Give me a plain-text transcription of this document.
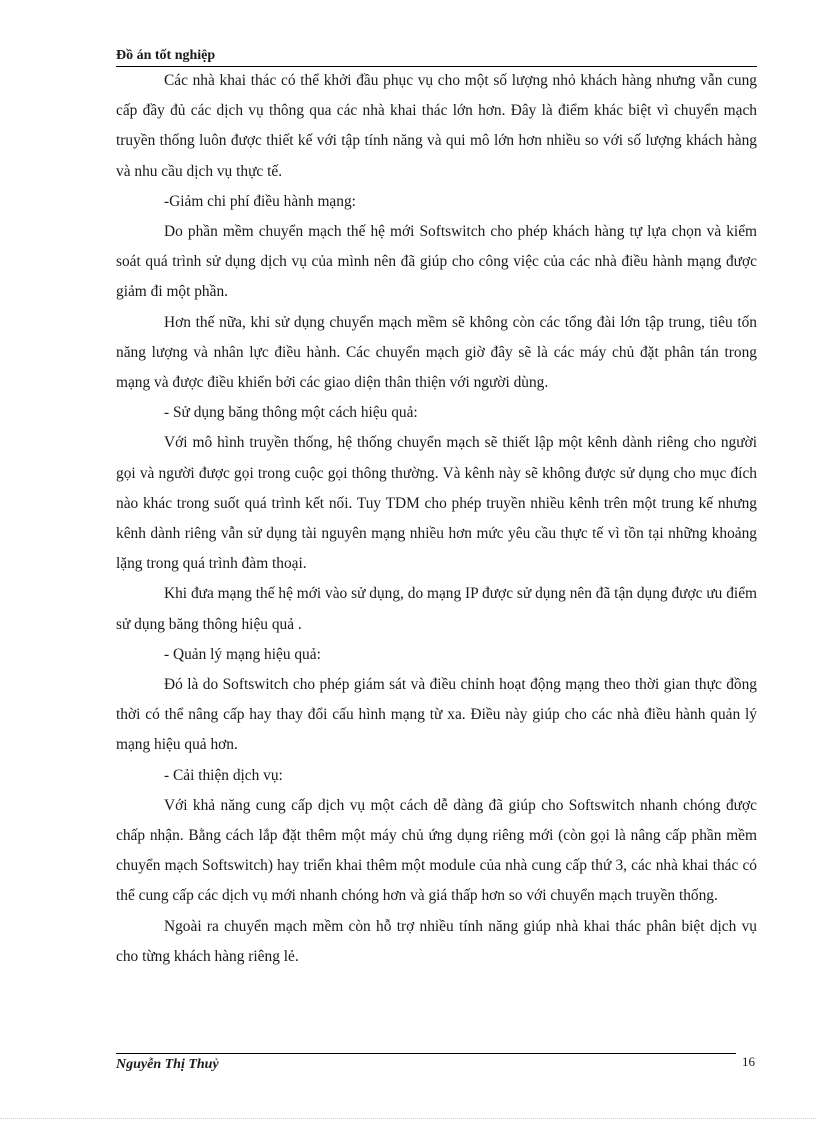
Đồ án tốt nghiệp

Các nhà khai thác có thể khởi đầu phục vụ cho một số lượng nhỏ khách hàng nhưng vẫn cung cấp đầy đủ các dịch vụ thông qua các nhà khai thác lớn hơn. Đây là điểm khác biệt vì chuyển mạch truyền thống luôn được thiết kế với tập tính năng và qui mô lớn hơn nhiều so với số lượng khách hàng và nhu cầu dịch vụ thực tế.

-Giảm chi phí điều hành mạng:

Do phần mềm chuyển mạch thế hệ mới Softswitch cho phép khách hàng tự lựa chọn và kiểm soát quá trình sử dụng dịch vụ của mình nên đã giúp cho công việc của các nhà điều hành mạng được giảm đi một phần.

Hơn thế nữa, khi sử dụng chuyển mạch mềm sẽ không còn các tổng đài lớn tập trung, tiêu tốn năng lượng và nhân lực điều hành. Các chuyển mạch giờ đây sẽ là các máy chủ đặt phân tán trong mạng và được điều khiển bởi các giao diện thân thiện với người dùng.

- Sử dụng băng thông một cách hiệu quả:

Với mô hình truyền thống, hệ thống chuyển mạch sẽ thiết lập một kênh dành riêng cho người gọi và người được gọi trong cuộc gọi thông thường. Và kênh này sẽ không được sử dụng cho mục đích nào khác trong suốt quá trình kết nối. Tuy TDM cho phép truyền nhiều kênh trên một trung kế nhưng kênh dành riêng vẫn sử dụng tài nguyên mạng nhiều hơn mức yêu cầu thực tế vì tồn tại những khoảng lặng trong quá trình đàm thoại.

Khi đưa mạng thế hệ mới vào sử dụng, do mạng IP được sử dụng nên đã tận dụng được ưu điểm sử dụng băng thông hiệu quả .

- Quản lý mạng hiệu quả:

Đó là do Softswitch cho phép giám sát và điều chỉnh hoạt động mạng theo thời gian thực đồng thời có thể nâng cấp hay thay đổi cấu hình mạng từ xa. Điều này giúp cho các nhà điều hành quản lý mạng hiệu quả hơn.

- Cải thiện dịch vụ:

Với khả năng cung cấp dịch vụ một cách dễ dàng đã giúp cho Softswitch nhanh chóng được chấp nhận. Bằng cách lắp đặt thêm một máy chủ ứng dụng riêng mới (còn gọi là nâng cấp phần mềm chuyển mạch Softswitch) hay triển khai thêm một module của nhà cung cấp thứ 3, các nhà khai thác có thể cung cấp các dịch vụ mới nhanh chóng hơn và giá thấp hơn so với chuyển mạch truyền thống.

Ngoài ra chuyển mạch mềm còn hỗ trợ nhiều tính năng giúp nhà khai thác phân biệt dịch vụ cho từng khách hàng riêng lẻ.

Nguyễn Thị Thuỷ	16
